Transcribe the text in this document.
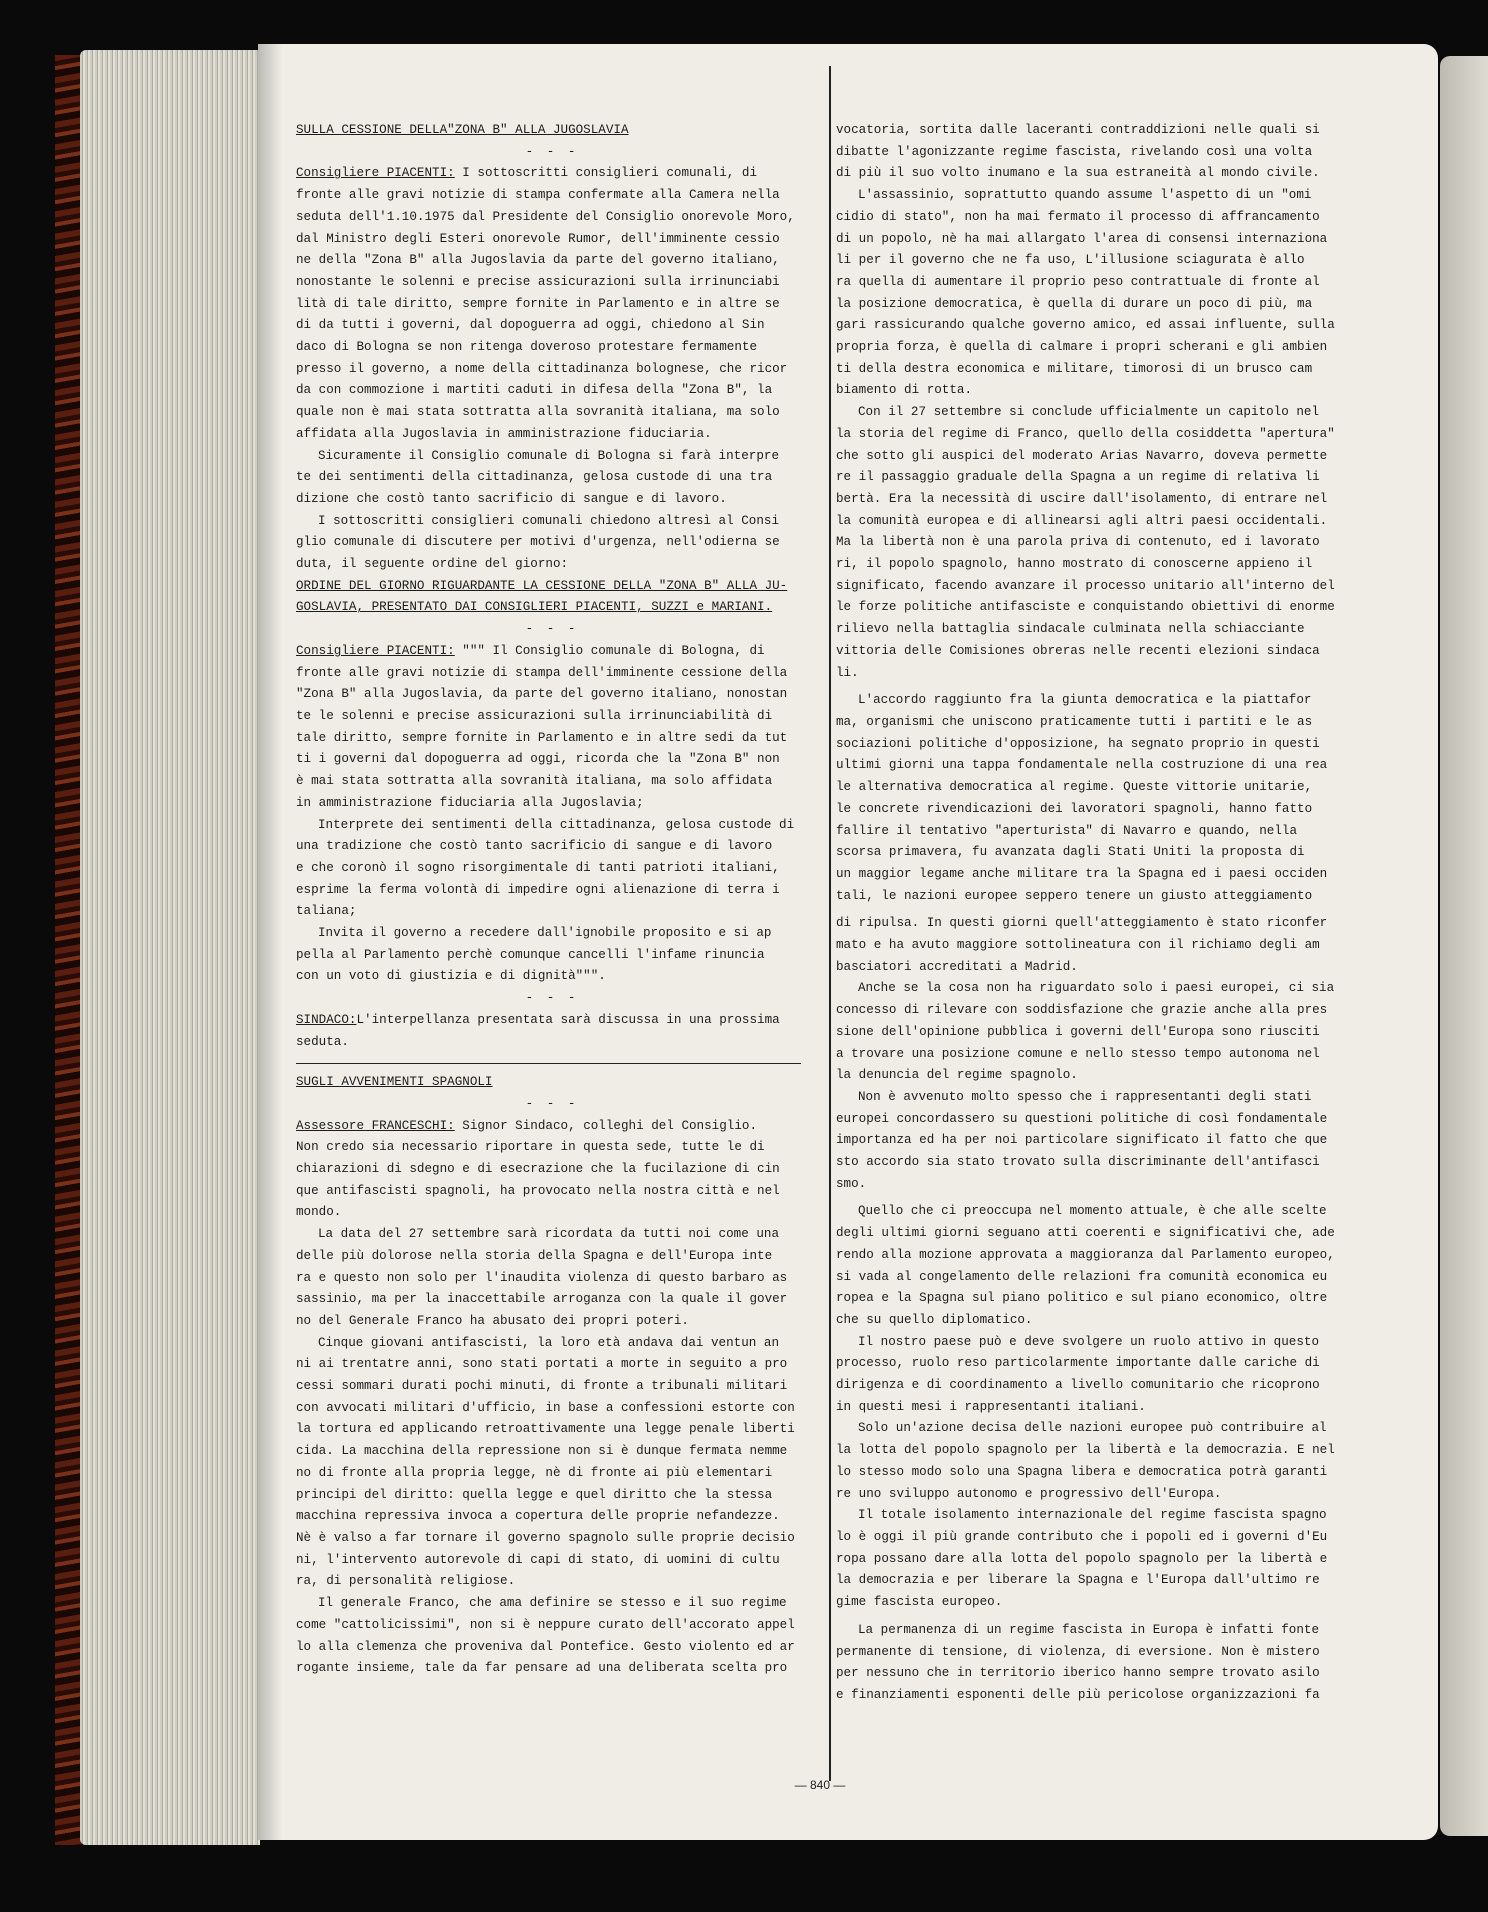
SULLA CESSIONE DELLA"ZONA B" ALLA JUGOSLAVIA

- - -

Consigliere PIACENTI: I sottoscritti consiglieri comunali, di

fronte alle gravi notizie di stampa confermate alla Camera nella

seduta dell'1.10.1975 dal Presidente del Consiglio onorevole Moro,

dal Ministro degli Esteri onorevole Rumor, dell'imminente cessio

ne della "Zona B" alla Jugoslavia da parte del governo italiano,

nonostante le solenni e precise assicurazioni sulla irrinunciabi

lità di tale diritto, sempre fornite in Parlamento e in altre se

di da tutti i governi, dal dopoguerra ad oggi, chiedono al Sin

daco di Bologna se non ritenga doveroso protestare fermamente

presso il governo, a nome della cittadinanza bolognese, che ricor

da con commozione i martiti caduti in difesa della "Zona B", la

quale non è mai stata sottratta alla sovranità italiana, ma solo

affidata alla Jugoslavia in amministrazione fiduciaria.

Sicuramente il Consiglio comunale di Bologna si farà interpre

te dei sentimenti della cittadinanza, gelosa custode di una tra

dizione che costò tanto sacrificio di sangue e di lavoro.

I sottoscritti consiglieri comunali chiedono altresì al Consi

glio comunale di discutere per motivi d'urgenza, nell'odierna se

duta, il seguente ordine del giorno:

ORDINE DEL GIORNO RIGUARDANTE LA CESSIONE DELLA "ZONA B" ALLA JU-

GOSLAVIA, PRESENTATO DAI CONSIGLIERI PIACENTI, SUZZI e MARIANI.

- - -

Consigliere PIACENTI: """ Il Consiglio comunale di Bologna, di

fronte alle gravi notizie di stampa dell'imminente cessione della

"Zona B" alla Jugoslavia, da parte del governo italiano, nonostan

te le solenni e precise assicurazioni sulla irrinunciabilità di

tale diritto, sempre fornite in Parlamento e in altre sedi da tut

ti i governi dal dopoguerra ad oggi, ricorda che la "Zona B" non

è mai stata sottratta alla sovranità italiana, ma solo affidata

in amministrazione fiduciaria alla Jugoslavia;

Interprete dei sentimenti della cittadinanza, gelosa custode di

una tradizione che costò tanto sacrificio di sangue e di lavoro

e che coronò il sogno risorgimentale di tanti patrioti italiani,

esprime la ferma volontà di impedire ogni alienazione di terra i

taliana;

Invita il governo a recedere dall'ignobile proposito e si ap

pella al Parlamento perchè comunque cancelli l'infame rinuncia

con un voto di giustizia e di dignità""".

- - -

SINDACO:L'interpellanza presentata sarà discussa in una prossima

seduta.

SUGLI AVVENIMENTI SPAGNOLI

- - -

Assessore FRANCESCHI: Signor Sindaco, colleghi del Consiglio.

Non credo sia necessario riportare in questa sede, tutte le di

chiarazioni di sdegno e di esecrazione che la fucilazione di cin

que antifascisti spagnoli, ha provocato nella nostra città e nel

mondo.

La data del 27 settembre sarà ricordata da tutti noi come una

delle più dolorose nella storia della Spagna e dell'Europa inte

ra e questo non solo per l'inaudita violenza di questo barbaro as

sassinio, ma per la inaccettabile arroganza con la quale il gover

no del Generale Franco ha abusato dei propri poteri.

Cinque giovani antifascisti, la loro età andava dai ventun an

ni ai trentatre anni, sono stati portati a morte in seguito a pro

cessi sommari durati pochi minuti, di fronte a tribunali militari

con avvocati militari d'ufficio, in base a confessioni estorte con

la tortura ed applicando retroattivamente una legge penale liberti

cida. La macchina della repressione non si è dunque fermata nemme

no di fronte alla propria legge, nè di fronte ai più elementari

principi del diritto: quella legge e quel diritto che la stessa

macchina repressiva invoca a copertura delle proprie nefandezze.

Nè è valso a far tornare il governo spagnolo sulle proprie decisio

ni, l'intervento autorevole di capi di stato, di uomini di cultu

ra, di personalità religiose.

Il generale Franco, che ama definire se stesso e il suo regime

come "cattolicissimi", non si è neppure curato dell'accorato appel

lo alla clemenza che proveniva dal Pontefice. Gesto violento ed ar

rogante insieme, tale da far pensare ad una deliberata scelta pro

vocatoria, sortita dalle laceranti contraddizioni nelle quali si

dibatte l'agonizzante regime fascista, rivelando così una volta

di più il suo volto inumano e la sua estraneità al mondo civile.

L'assassinio, soprattutto quando assume l'aspetto di un "omi

cidio di stato", non ha mai fermato il processo di affrancamento

di un popolo, nè ha mai allargato l'area di consensi internaziona

li per il governo che ne fa uso, L'illusione sciagurata è allo

ra quella di aumentare il proprio peso contrattuale di fronte al

la posizione democratica, è quella di durare un poco di più, ma

gari rassicurando qualche governo amico, ed assai influente, sulla

propria forza, è quella di calmare i propri scherani e gli ambien

ti della destra economica e militare, timorosi di un brusco cam

biamento di rotta.

Con il 27 settembre si conclude ufficialmente un capitolo nel

la storia del regime di Franco, quello della cosiddetta "apertura"

che sotto gli auspici del moderato Arias Navarro, doveva permette

re il passaggio graduale della Spagna a un regime di relativa li

bertà. Era la necessità di uscire dall'isolamento, di entrare nel

la comunità europea e di allinearsi agli altri paesi occidentali.

Ma la libertà non è una parola priva di contenuto, ed i lavorato

ri, il popolo spagnolo, hanno mostrato di conoscerne appieno il

significato, facendo avanzare il processo unitario all'interno del

le forze politiche antifasciste e conquistando obiettivi di enorme

rilievo nella battaglia sindacale culminata nella schiacciante

vittoria delle Comisiones obreras nelle recenti elezioni sindaca

li.

L'accordo raggiunto fra la giunta democratica e la piattafor

ma, organismi che uniscono praticamente tutti i partiti e le as

sociazioni politiche d'opposizione, ha segnato proprio in questi

ultimi giorni una tappa fondamentale nella costruzione di una rea

le alternativa democratica al regime. Queste vittorie unitarie,

le concrete rivendicazioni dei lavoratori spagnoli, hanno fatto

fallire il tentativo "aperturista" di Navarro e quando, nella

scorsa primavera, fu avanzata dagli Stati Uniti la proposta di

un maggior legame anche militare tra la Spagna ed i paesi occiden

tali, le nazioni europee seppero tenere un giusto atteggiamento

di ripulsa. In questi giorni quell'atteggiamento è stato riconfer

mato e ha avuto maggiore sottolineatura con il richiamo degli am

basciatori accreditati a Madrid.

Anche se la cosa non ha riguardato solo i paesi europei, ci sia

concesso di rilevare con soddisfazione che grazie anche alla pres

sione dell'opinione pubblica i governi dell'Europa sono riusciti

a trovare una posizione comune e nello stesso tempo autonoma nel

la denuncia del regime spagnolo.

Non è avvenuto molto spesso che i rappresentanti degli stati

europei concordassero su questioni politiche di così fondamentale

importanza ed ha per noi particolare significato il fatto che que

sto accordo sia stato trovato sulla discriminante dell'antifasci

smo.

Quello che ci preoccupa nel momento attuale, è che alle scelte

degli ultimi giorni seguano atti coerenti e significativi che, ade

rendo alla mozione approvata a maggioranza dal Parlamento europeo,

si vada al congelamento delle relazioni fra comunità economica eu

ropea e la Spagna sul piano politico e sul piano economico, oltre

che su quello diplomatico.

Il nostro paese può e deve svolgere un ruolo attivo in questo

processo, ruolo reso particolarmente importante dalle cariche di

dirigenza e di coordinamento a livello comunitario che ricoprono

in questi mesi i rappresentanti italiani.

Solo un'azione decisa delle nazioni europee può contribuire al

la lotta del popolo spagnolo per la libertà e la democrazia. E nel

lo stesso modo solo una Spagna libera e democratica potrà garanti

re uno sviluppo autonomo e progressivo dell'Europa.

Il totale isolamento internazionale del regime fascista spagno

lo è oggi il più grande contributo che i popoli ed i governi d'Eu

ropa possano dare alla lotta del popolo spagnolo per la libertà e

la democrazia e per liberare la Spagna e l'Europa dall'ultimo re

gime fascista europeo.

La permanenza di un regime fascista in Europa è infatti fonte

permanente di tensione, di violenza, di eversione. Non è mistero

per nessuno che in territorio iberico hanno sempre trovato asilo

e finanziamenti esponenti delle più pericolose organizzazioni fa

— 840 —
